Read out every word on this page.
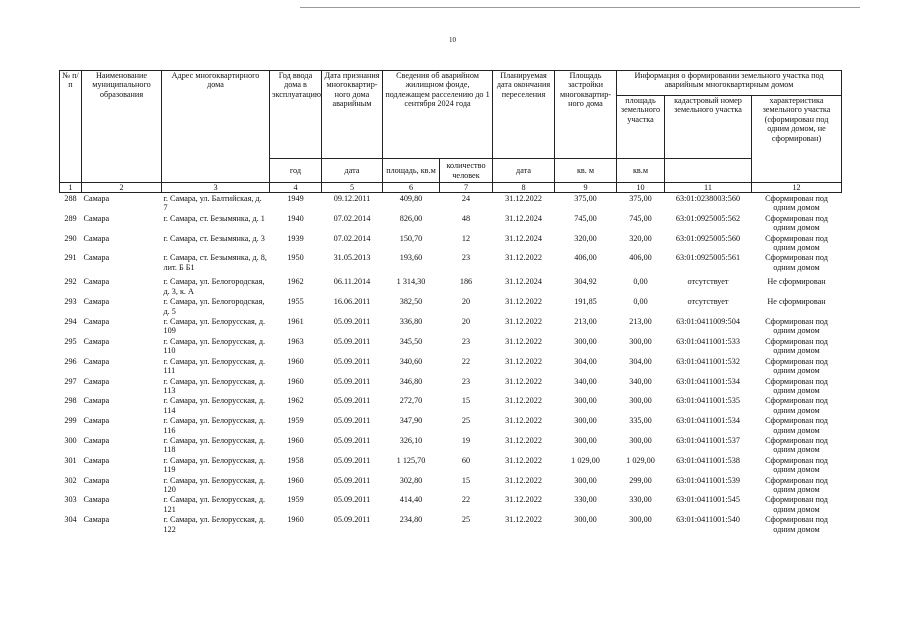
10
№ п/п	Наименование муниципального образования	Адрес многоквартирного дома	Год ввода дома в эксплуатацию	Дата признания многоквартир-ного дома аварийным	Сведения об аварийном жилищном фонде, подлежащем расселению до 1 сентября 2024 года		Планируемая дата окончания переселения	Площадь застройки многоквартир-ного дома	Информация о формировании земельного участка под аварийным многоквартирным домом		
									площадь земельного участка	кадастровый номер земельного участка	характеристика земельного участка (сформирован под одним домом, не сформирован)
			год	дата	площадь, кв.м	количество человек	дата	кв. м	кв.м		
1	2	3	4	5	6	7	8	9	10	11	12
288	Самара	г. Самара, ул. Балтийская, д. 7	1949	09.12.2011	409,80	24	31.12.2022	375,00	375,00	63:01:0238003:560	Сформирован под одним домом
289	Самара	г. Самара, ст. Безымянка, д. 1	1940	07.02.2014	826,00	48	31.12.2024	745,00	745,00	63:01:0925005:562	Сформирован под одним домом
290	Самара	г. Самара, ст. Безымянка, д. 3	1939	07.02.2014	150,70	12	31.12.2024	320,00	320,00	63:01:0925005:560	Сформирован под одним домом
291	Самара	г. Самара, ст. Безымянка, д. 8, лит. Б Б1	1950	31.05.2013	193,60	23	31.12.2022	406,00	406,00	63:01:0925005:561	Сформирован под одним домом
292	Самара	г. Самара, ул. Белогородская, д. 3, к. А	1962	06.11.2014	1 314,30	186	31.12.2024	304,92	0,00	отсутствует	Не сформирован
293	Самара	г. Самара, ул. Белогородская, д. 5	1955	16.06.2011	382,50	20	31.12.2022	191,85	0,00	отсутствует	Не сформирован
294	Самара	г. Самара, ул. Белорусская, д. 109	1961	05.09.2011	336,80	20	31.12.2022	213,00	213,00	63:01:0411009:504	Сформирован под одним домом
295	Самара	г. Самара, ул. Белорусская, д. 110	1963	05.09.2011	345,50	23	31.12.2022	300,00	300,00	63:01:0411001:533	Сформирован под одним домом
296	Самара	г. Самара, ул. Белорусская, д. 111	1960	05.09.2011	340,60	22	31.12.2022	304,00	304,00	63:01:0411001:532	Сформирован под одним домом
297	Самара	г. Самара, ул. Белорусская, д. 113	1960	05.09.2011	346,80	23	31.12.2022	340,00	340,00	63:01:0411001:534	Сформирован под одним домом
298	Самара	г. Самара, ул. Белорусская, д. 114	1962	05.09.2011	272,70	15	31.12.2022	300,00	300,00	63:01:0411001:535	Сформирован под одним домом
299	Самара	г. Самара, ул. Белорусская, д. 116	1959	05.09.2011	347,90	25	31.12.2022	300,00	335,00	63:01:0411001:534	Сформирован под одним домом
300	Самара	г. Самара, ул. Белорусская, д. 118	1960	05.09.2011	326,10	19	31.12.2022	300,00	300,00	63:01:0411001:537	Сформирован под одним домом
301	Самара	г. Самара, ул. Белорусская, д. 119	1958	05.09.2011	1 125,70	60	31.12.2022	1 029,00	1 029,00	63:01:0411001:538	Сформирован под одним домом
302	Самара	г. Самара, ул. Белорусская, д. 120	1960	05.09.2011	302,80	15	31.12.2022	300,00	299,00	63:01:0411001:539	Сформирован под одним домом
303	Самара	г. Самара, ул. Белорусская, д. 121	1959	05.09.2011	414,40	22	31.12.2022	330,00	330,00	63:01:0411001:545	Сформирован под одним домом
304	Самара	г. Самара, ул. Белорусская, д. 122	1960	05.09.2011	234,80	25	31.12.2022	300,00	300,00	63:01:0411001:540	Сформирован под одним домом
